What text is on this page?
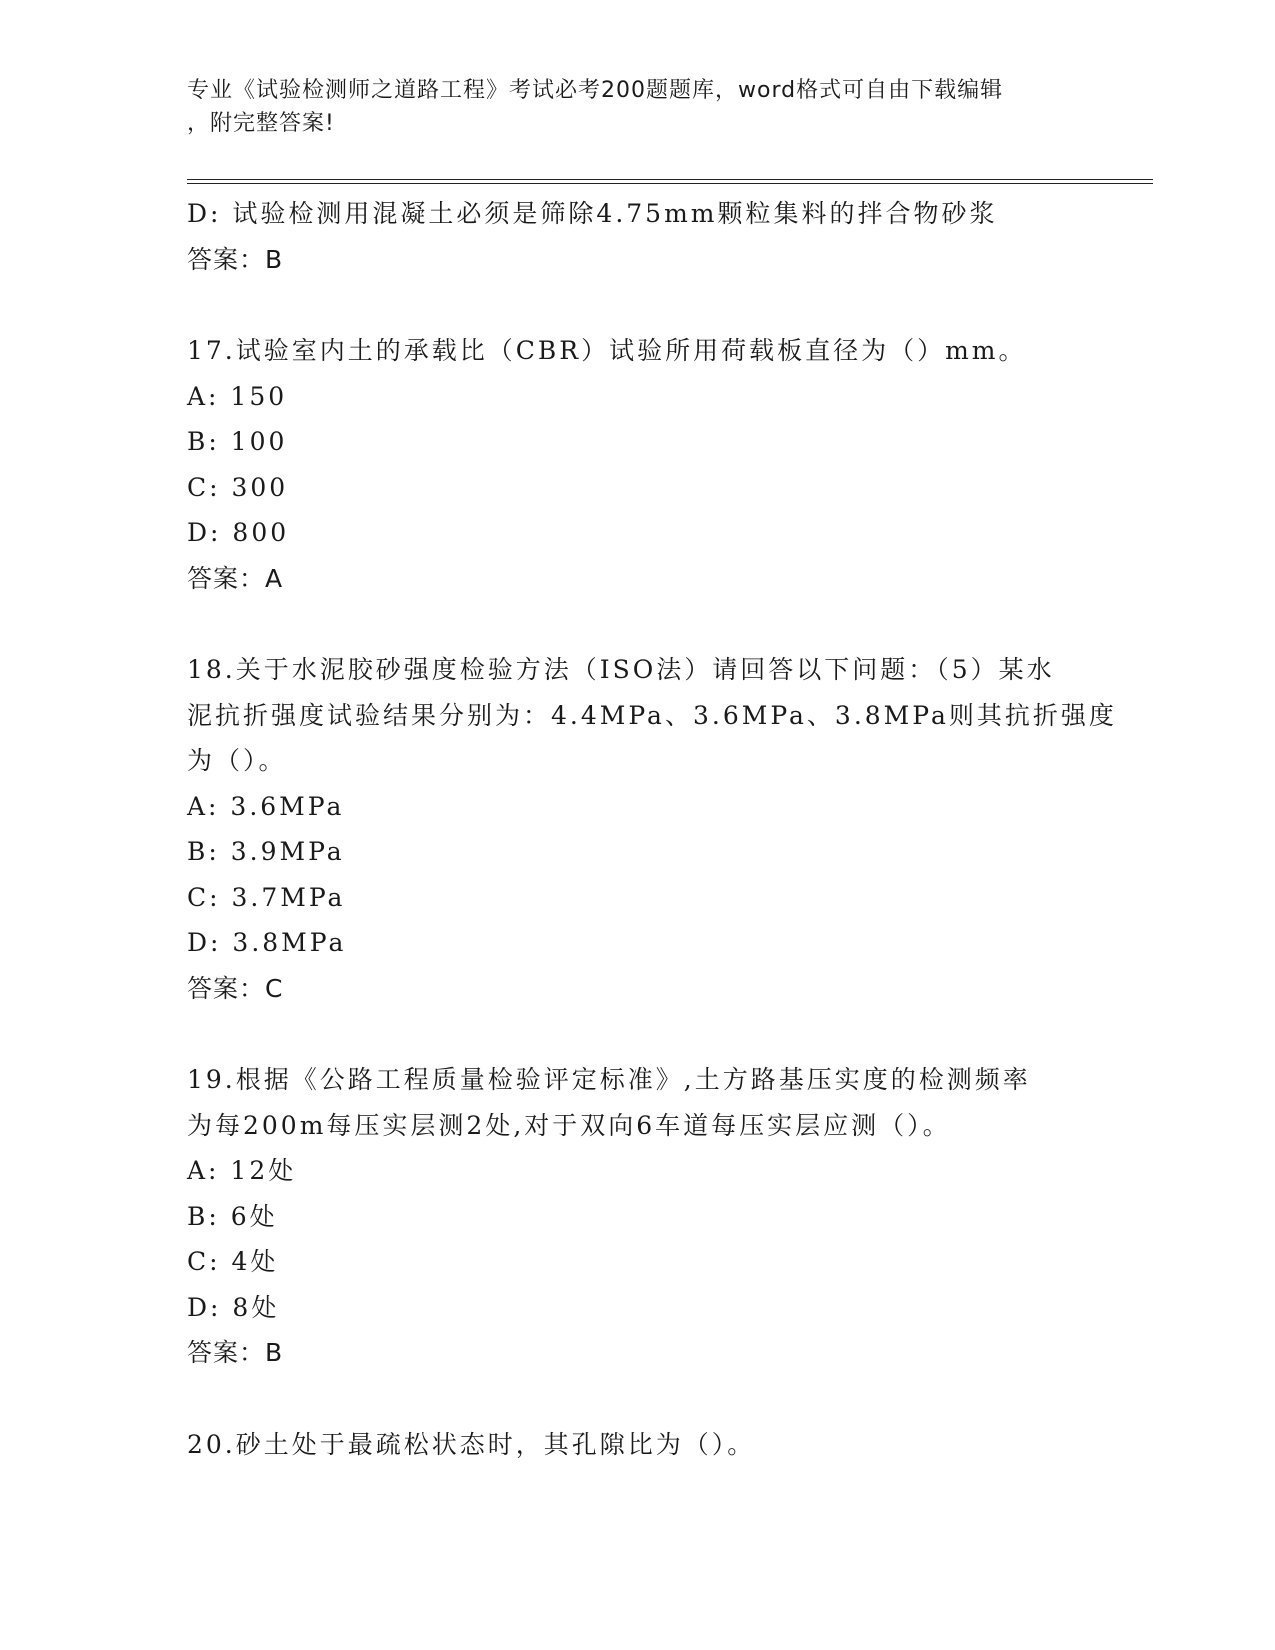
专业《试验检测师之道路工程》考试必考200题题库，word格式可自由下载编辑
，附完整答案!
D: 试验检测用混凝土必须是筛除4.75mm颗粒集料的拌合物砂浆
答案：B
17.试验室内土的承载比（CBR）试验所用荷载板直径为（）mm。
A: 150
B: 100
C: 300
D: 800
答案：A
18.关于水泥胶砂强度检验方法（ISO法）请回答以下问题：（5）某水
泥抗折强度试验结果分别为：4.4MPa、3.6MPa、3.8MPa则其抗折强度
为（）。
A: 3.6MPa
B: 3.9MPa
C: 3.7MPa
D: 3.8MPa
答案：C
19.根据《公路工程质量检验评定标准》,土方路基压实度的检测频率
为每200m每压实层测2处,对于双向6车道每压实层应测（）。
A: 12处
B: 6处
C: 4处
D: 8处
答案：B
20.砂土处于最疏松状态时，其孔隙比为（）。
